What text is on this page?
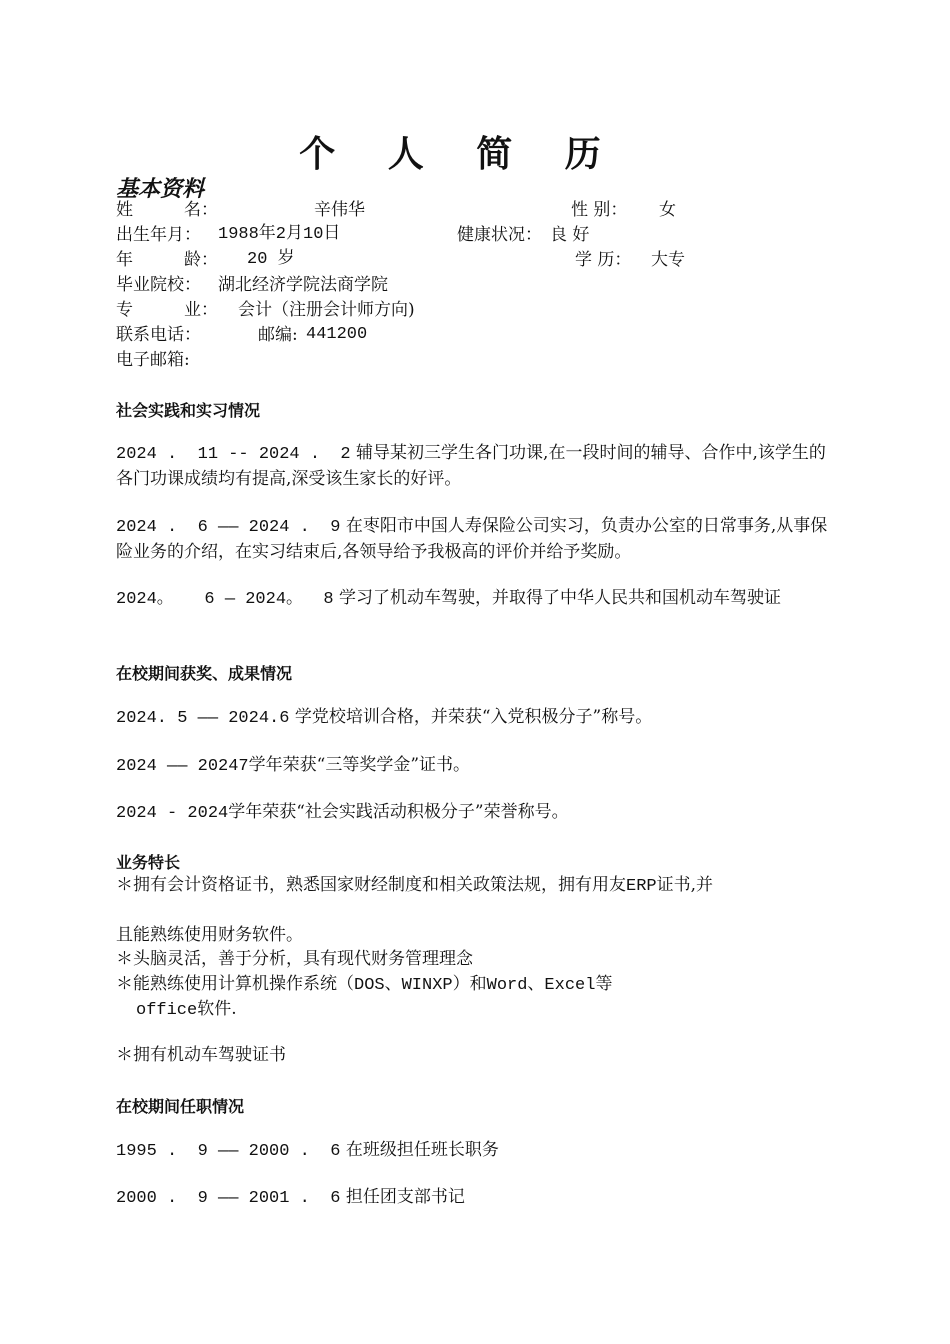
个 人 简 历
基本资料
姓　　　名：	辛伟华	性 别： 女
出生年月： 1988年2月10日	健康状况： 良 好
年　　　龄： 20 岁	学 历： 大专
毕业院校： 湖北经济学院法商学院
专　　　业： 会计（注册会计师方向)
联系电话：	邮编: 441200
电子邮箱:
社会实践和实习情况
2024 .  11 -- 2024 .  2 辅导某初三学生各门功课,在一段时间的辅导、合作中,该学生的各门功课成绩均有提高,深受该生家长的好评。
2024 .  6 —— 2024 .  9 在枣阳市中国人寿保险公司实习，负责办公室的日常事务,从事保险业务的介绍，在实习结束后,各领导给予我极高的评价并给予奖励。
2024。   6 — 2024。  8 学习了机动车驾驶，并取得了中华人民共和国机动车驾驶证
在校期间获奖、成果情况
2024. 5 —— 2024.6 学党校培训合格，并荣获“入党积极分子”称号。
2024 —— 20247学年荣获“三等奖学金”证书。
2024 - 2024学年荣获“社会实践活动积极分子”荣誉称号。
业务特长
＊拥有会计资格证书，熟悉国家财经制度和相关政策法规，拥有用友ERP证书,并
且能熟练使用财务软件。
＊头脑灵活，善于分析，具有现代财务管理理念
＊能熟练使用计算机操作系统（DOS、WINXP）和Word、Excel等
office软件.
＊拥有机动车驾驶证书
在校期间任职情况
1995 .  9 —— 2000 .  6 在班级担任班长职务
2000 .  9 —— 2001 .  6 担任团支部书记
